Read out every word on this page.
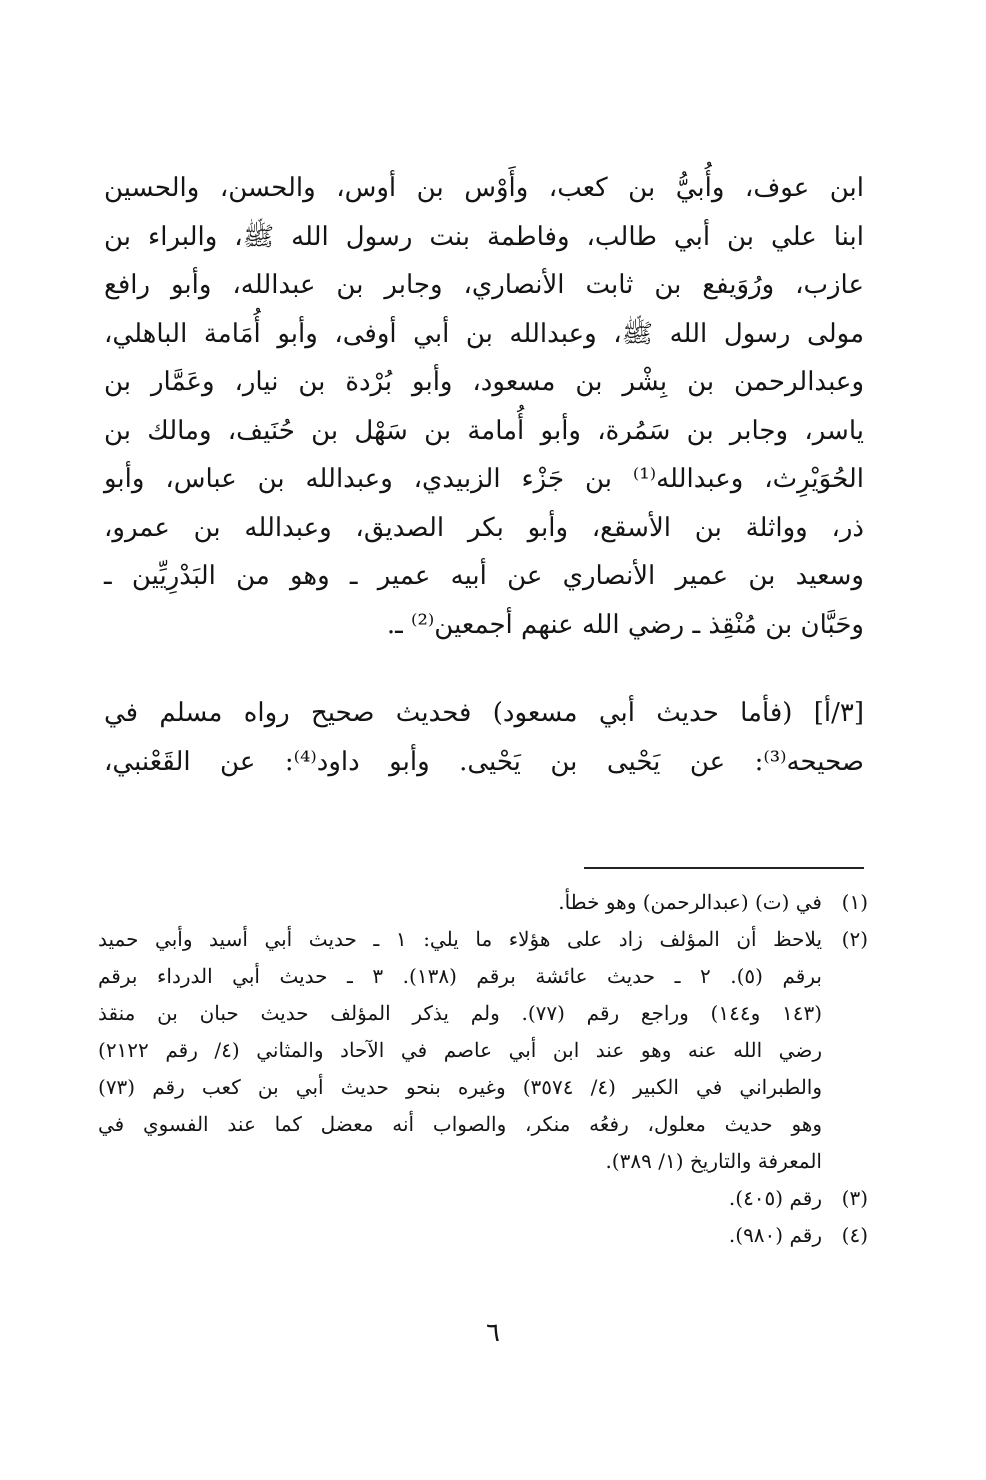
ابن عوف، وأُبيُّ بن كعب، وأَوْس بن أوس، والحسن، والحسين
ابنا علي بن أبي طالب، وفاطمة بنت رسول الله ﷺ، والبراء بن
عازب، ورُوَيفع بن ثابت الأنصاري، وجابر بن عبدالله، وأبو رافع
مولى رسول الله ﷺ، وعبدالله بن أبي أوفى، وأبو أُمَامة الباهلي،
وعبدالرحمن بن بِشْر بن مسعود، وأبو بُرْدة بن نيار، وعَمَّار بن
ياسر، وجابر بن سَمُرة، وأبو أُمامة بن سَهْل بن حُنَيف، ومالك بن
الحُوَيْرِث، وعبدالله⁽¹⁾ بن جَزْء الزبيدي، وعبدالله بن عباس، وأبو
ذر، وواثلة بن الأسقع، وأبو بكر الصديق، وعبدالله بن عمرو،
وسعيد بن عمير الأنصاري عن أبيه عمير ـ وهو من البَدْرِيِّين ـ
وحَبَّان بن مُنْقِذ ـ رضي الله عنهم أجمعين⁽²⁾ ـ.
[٣/أ] (فأما حديث أبي مسعود) فحديث صحيح رواه مسلم في
صحيحه⁽³⁾: عن يَحْيى بن يَحْيى. وأبو داود⁽⁴⁾: عن القَعْنبي،
(١)
في (ت) (عبدالرحمن) وهو خطأ.
(٢)
يلاحظ أن المؤلف زاد على هؤلاء ما يلي: ١ ـ حديث أبي أسيد وأبي حميد
برقم (٥). ٢ ـ حديث عائشة برقم (١٣٨). ٣ ـ حديث أبي الدرداء برقم
(١٤٣ و١٤٤) وراجع رقم (٧٧). ولم يذكر المؤلف حديث حبان بن منقذ
رضي الله عنه وهو عند ابن أبي عاصم في الآحاد والمثاني (٤/ رقم ٢١٢٢)
والطبراني في الكبير (٤/ ٣٥٧٤) وغيره بنحو حديث أبي بن كعب رقم (٧٣)
وهو حديث معلول، رفعُه منكر، والصواب أنه معضل كما عند الفسوي في
المعرفة والتاريخ (١/ ٣٨٩).
(٣)
رقم (٤٠٥).
(٤)
رقم (٩٨٠).
٦
